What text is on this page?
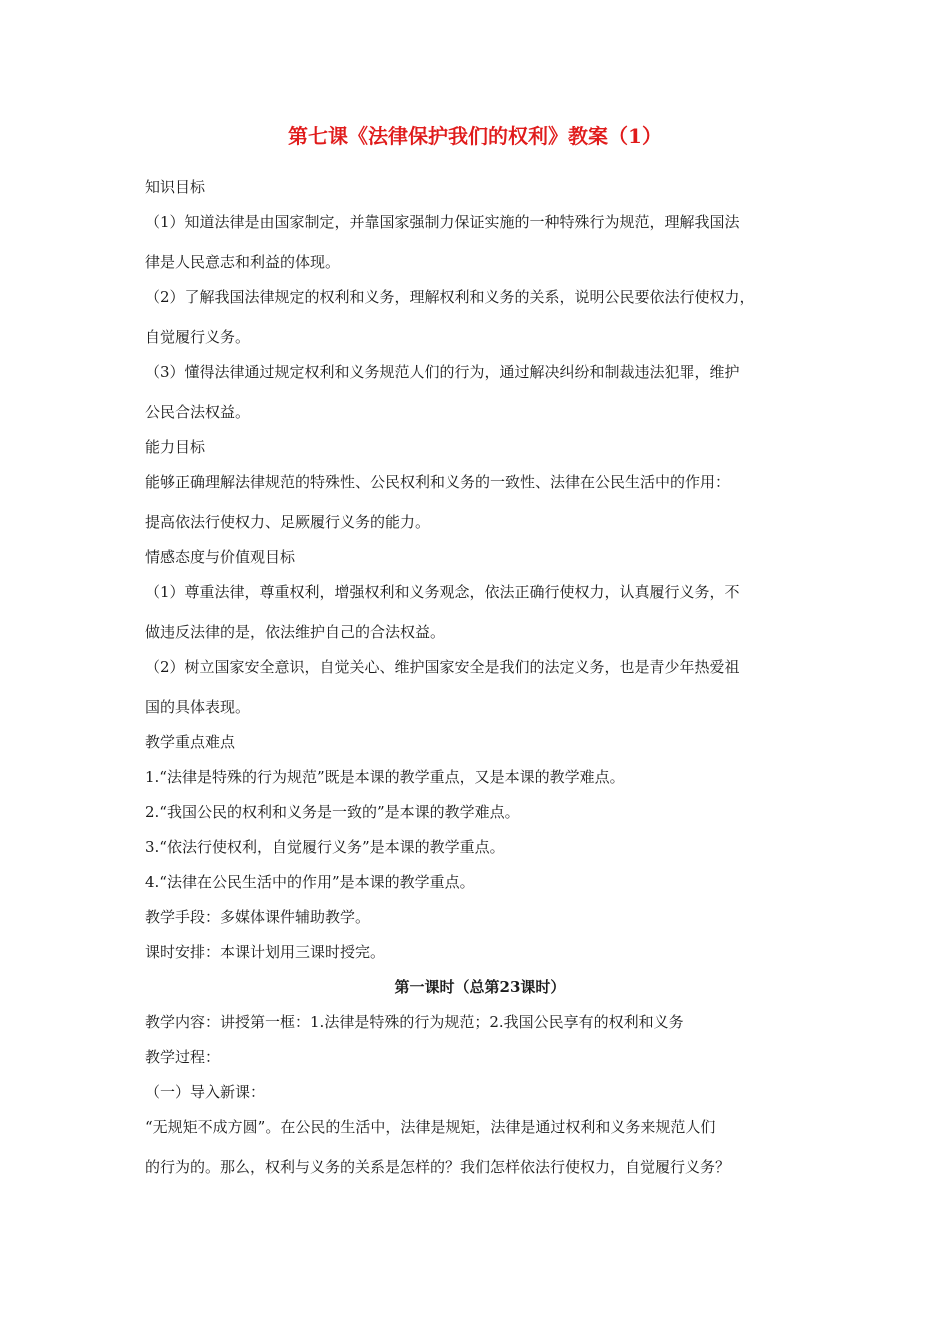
第七课《法律保护我们的权利》教案（1）

知识目标

（1）知道法律是由国家制定，并靠国家强制力保证实施的一种特殊行为规范，理解我国法

律是人民意志和利益的体现。

（2）了解我国法律规定的权利和义务，理解权利和义务的关系，说明公民要依法行使权力，

自觉履行义务。

（3）懂得法律通过规定权利和义务规范人们的行为，通过解决纠纷和制裁违法犯罪，维护

公民合法权益。

能力目标

能够正确理解法律规范的特殊性、公民权利和义务的一致性、法律在公民生活中的作用：

提高依法行使权力、足厥履行义务的能力。

情感态度与价值观目标

（1）尊重法律，尊重权利，增强权利和义务观念，依法正确行使权力，认真履行义务，不

做违反法律的是，依法维护自己的合法权益。

（2）树立国家安全意识，自觉关心、维护国家安全是我们的法定义务，也是青少年热爱祖

国的具体表现。

教学重点难点

1.“法律是特殊的行为规范”既是本课的教学重点，又是本课的教学难点。

2.“我国公民的权利和义务是一致的”是本课的教学难点。

3.“依法行使权利，自觉履行义务”是本课的教学重点。

4.“法律在公民生活中的作用”是本课的教学重点。

教学手段：多媒体课件辅助教学。

课时安排：本课计划用三课时授完。

第一课时（总第23课时）

教学内容：讲授第一框：1.法律是特殊的行为规范；2.我国公民享有的权利和义务

教学过程：

（一）导入新课：

“无规矩不成方圆”。在公民的生活中，法律是规矩，法律是通过权利和义务来规范人们

的行为的。那么，权利与义务的关系是怎样的？我们怎样依法行使权力，自觉履行义务？
